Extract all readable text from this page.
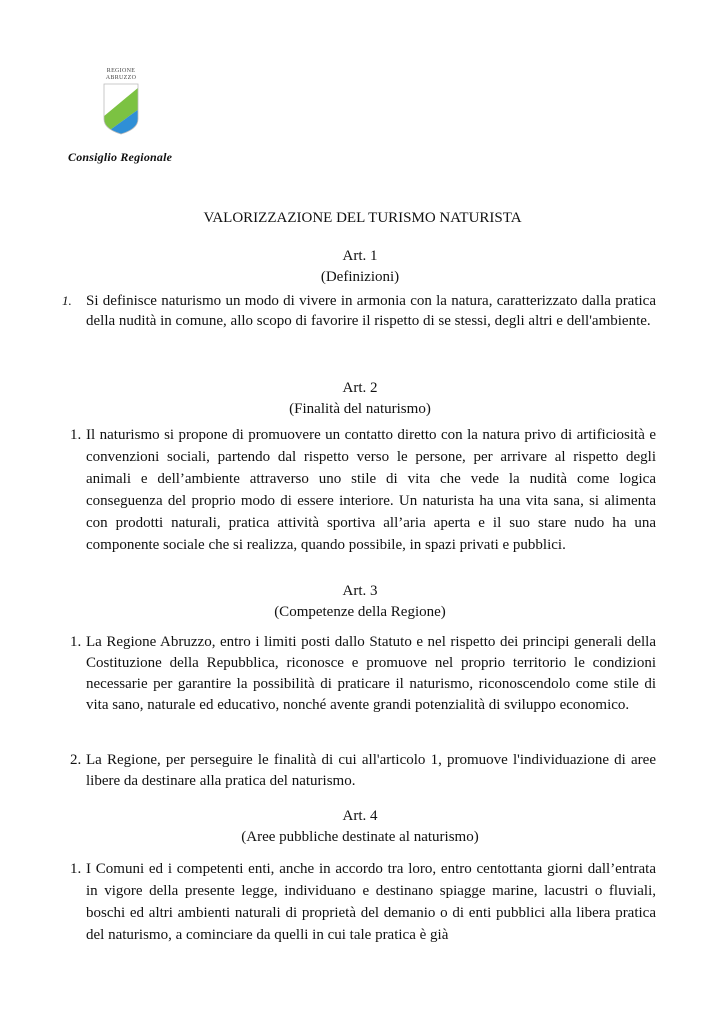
REGIONE
ABRUZZO
Consiglio Regionale
VALORIZZAZIONE DEL TURISMO NATURISTA
Art. 1
(Definizioni)
1. Si definisce naturismo un modo di vivere in armonia con la natura, caratterizzato dalla pratica della nudità in comune, allo scopo di favorire il rispetto di se stessi, degli altri e dell'ambiente.
Art. 2
(Finalità del naturismo)
1. Il naturismo si propone di promuovere un contatto diretto con la natura privo di artificiosità e convenzioni sociali, partendo dal rispetto verso le persone, per arrivare al rispetto degli animali e dell’ambiente attraverso uno stile di vita che vede la nudità come logica conseguenza del proprio modo di essere interiore. Un naturista ha una vita sana, si alimenta con prodotti naturali, pratica attività sportiva all’aria aperta e il suo stare nudo ha una componente sociale che si realizza, quando possibile, in spazi privati e pubblici.
Art. 3
(Competenze della Regione)
1. La Regione Abruzzo, entro i limiti posti dallo Statuto e nel rispetto dei principi generali della Costituzione della Repubblica, riconosce e promuove nel proprio territorio le condizioni necessarie per garantire la possibilità di praticare il naturismo, riconoscendolo come stile di vita sano, naturale ed educativo, nonché avente grandi potenzialità di sviluppo economico.
2. La Regione, per perseguire le finalità di cui all'articolo 1, promuove l'individuazione di aree libere da destinare alla pratica del naturismo.
Art. 4
(Aree pubbliche destinate al naturismo)
1. I Comuni ed i competenti enti, anche in accordo tra loro, entro centottanta giorni dall’entrata in vigore della presente legge, individuano e destinano spiagge marine, lacustri o fluviali, boschi ed altri ambienti naturali di proprietà del demanio o di enti pubblici alla libera pratica del naturismo, a cominciare da quelli in cui tale pratica è già
